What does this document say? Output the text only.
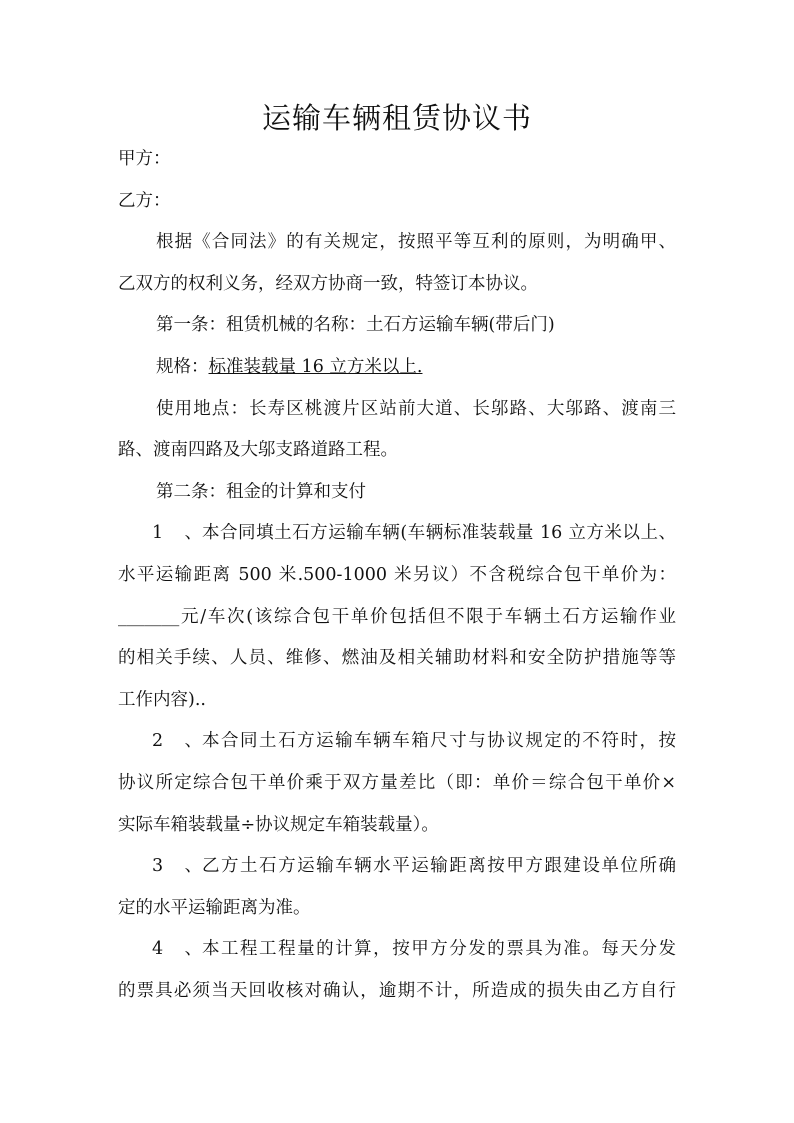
运输车辆租赁协议书
甲方：
乙方：
根据《合同法》的有关规定，按照平等互利的原则，为明确甲、
乙双方的权利义务，经双方协商一致，特签订本协议。
第一条：租赁机械的名称：土石方运输车辆(带后门)
规格：标准装载量 16 立方米以上.
使用地点：长寿区桃渡片区站前大道、长邬路、大邬路、渡南三
路、渡南四路及大邬支路道路工程。
第二条：租金的计算和支付
1、 本合同填土石方运输车辆(车辆标准装载量 16 立方米以上、
水平运输距离 500 米.500-1000 米另议）不含税综合包干单价为：
_______元/车次(该综合包干单价包括但不限于车辆土石方运输作业
的相关手续、人员、维修、燃油及相关辅助材料和安全防护措施等等
工作内容)..
2、 本合同土石方运输车辆车箱尺寸与协议规定的不符时，按
协议所定综合包干单价乘于双方量差比（即：单价＝综合包干单价×
实际车箱装载量÷协议规定车箱装载量）。
3、 乙方土石方运输车辆水平运输距离按甲方跟建设单位所确
定的水平运输距离为准。
4、 本工程工程量的计算，按甲方分发的票具为准。每天分发
的票具必须当天回收核对确认，逾期不计，所造成的损失由乙方自行
